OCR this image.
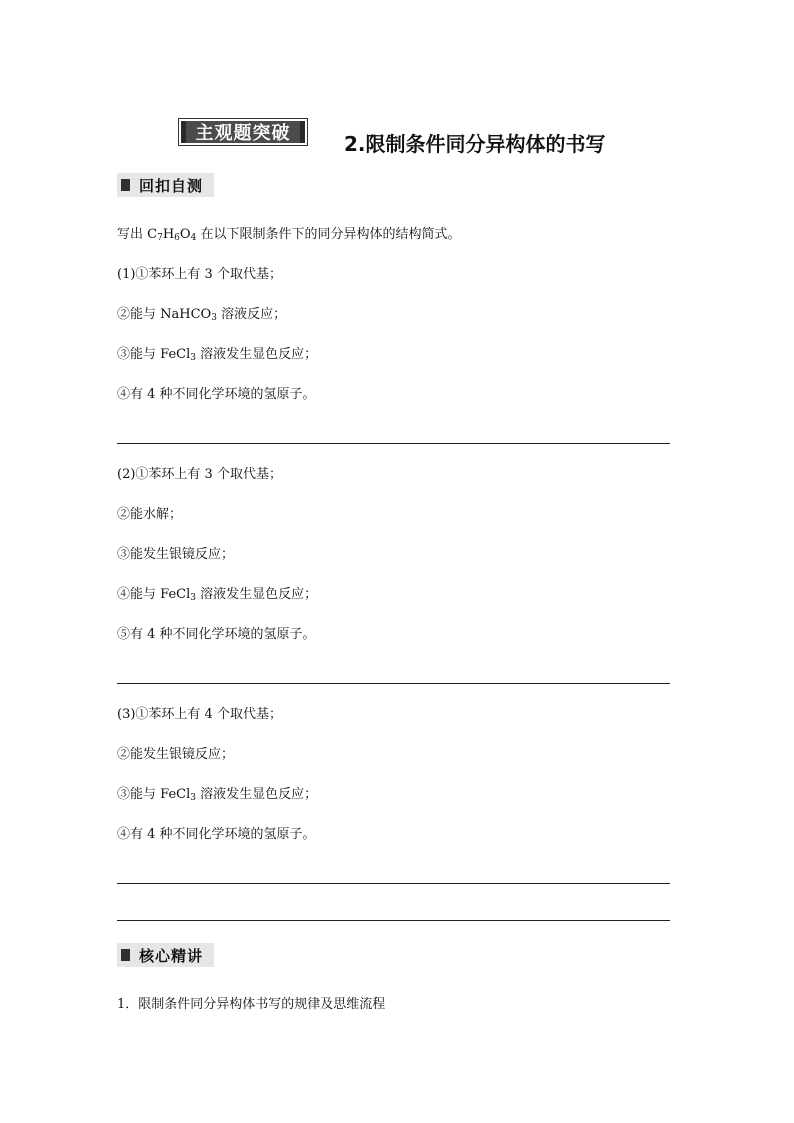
主观题突破	2.限制条件同分异构体的书写
回扣自测
写出 C7H6O4 在以下限制条件下的同分异构体的结构简式。
(1)①苯环上有 3 个取代基；
②能与 NaHCO3 溶液反应；
③能与 FeCl3 溶液发生显色反应；
④有 4 种不同化学环境的氢原子。
(2)①苯环上有 3 个取代基；
②能水解；
③能发生银镜反应；
④能与 FeCl3 溶液发生显色反应；
⑤有 4 种不同化学环境的氢原子。
(3)①苯环上有 4 个取代基；
②能发生银镜反应；
③能与 FeCl3 溶液发生显色反应；
④有 4 种不同化学环境的氢原子。
核心精讲
1．限制条件同分异构体书写的规律及思维流程
